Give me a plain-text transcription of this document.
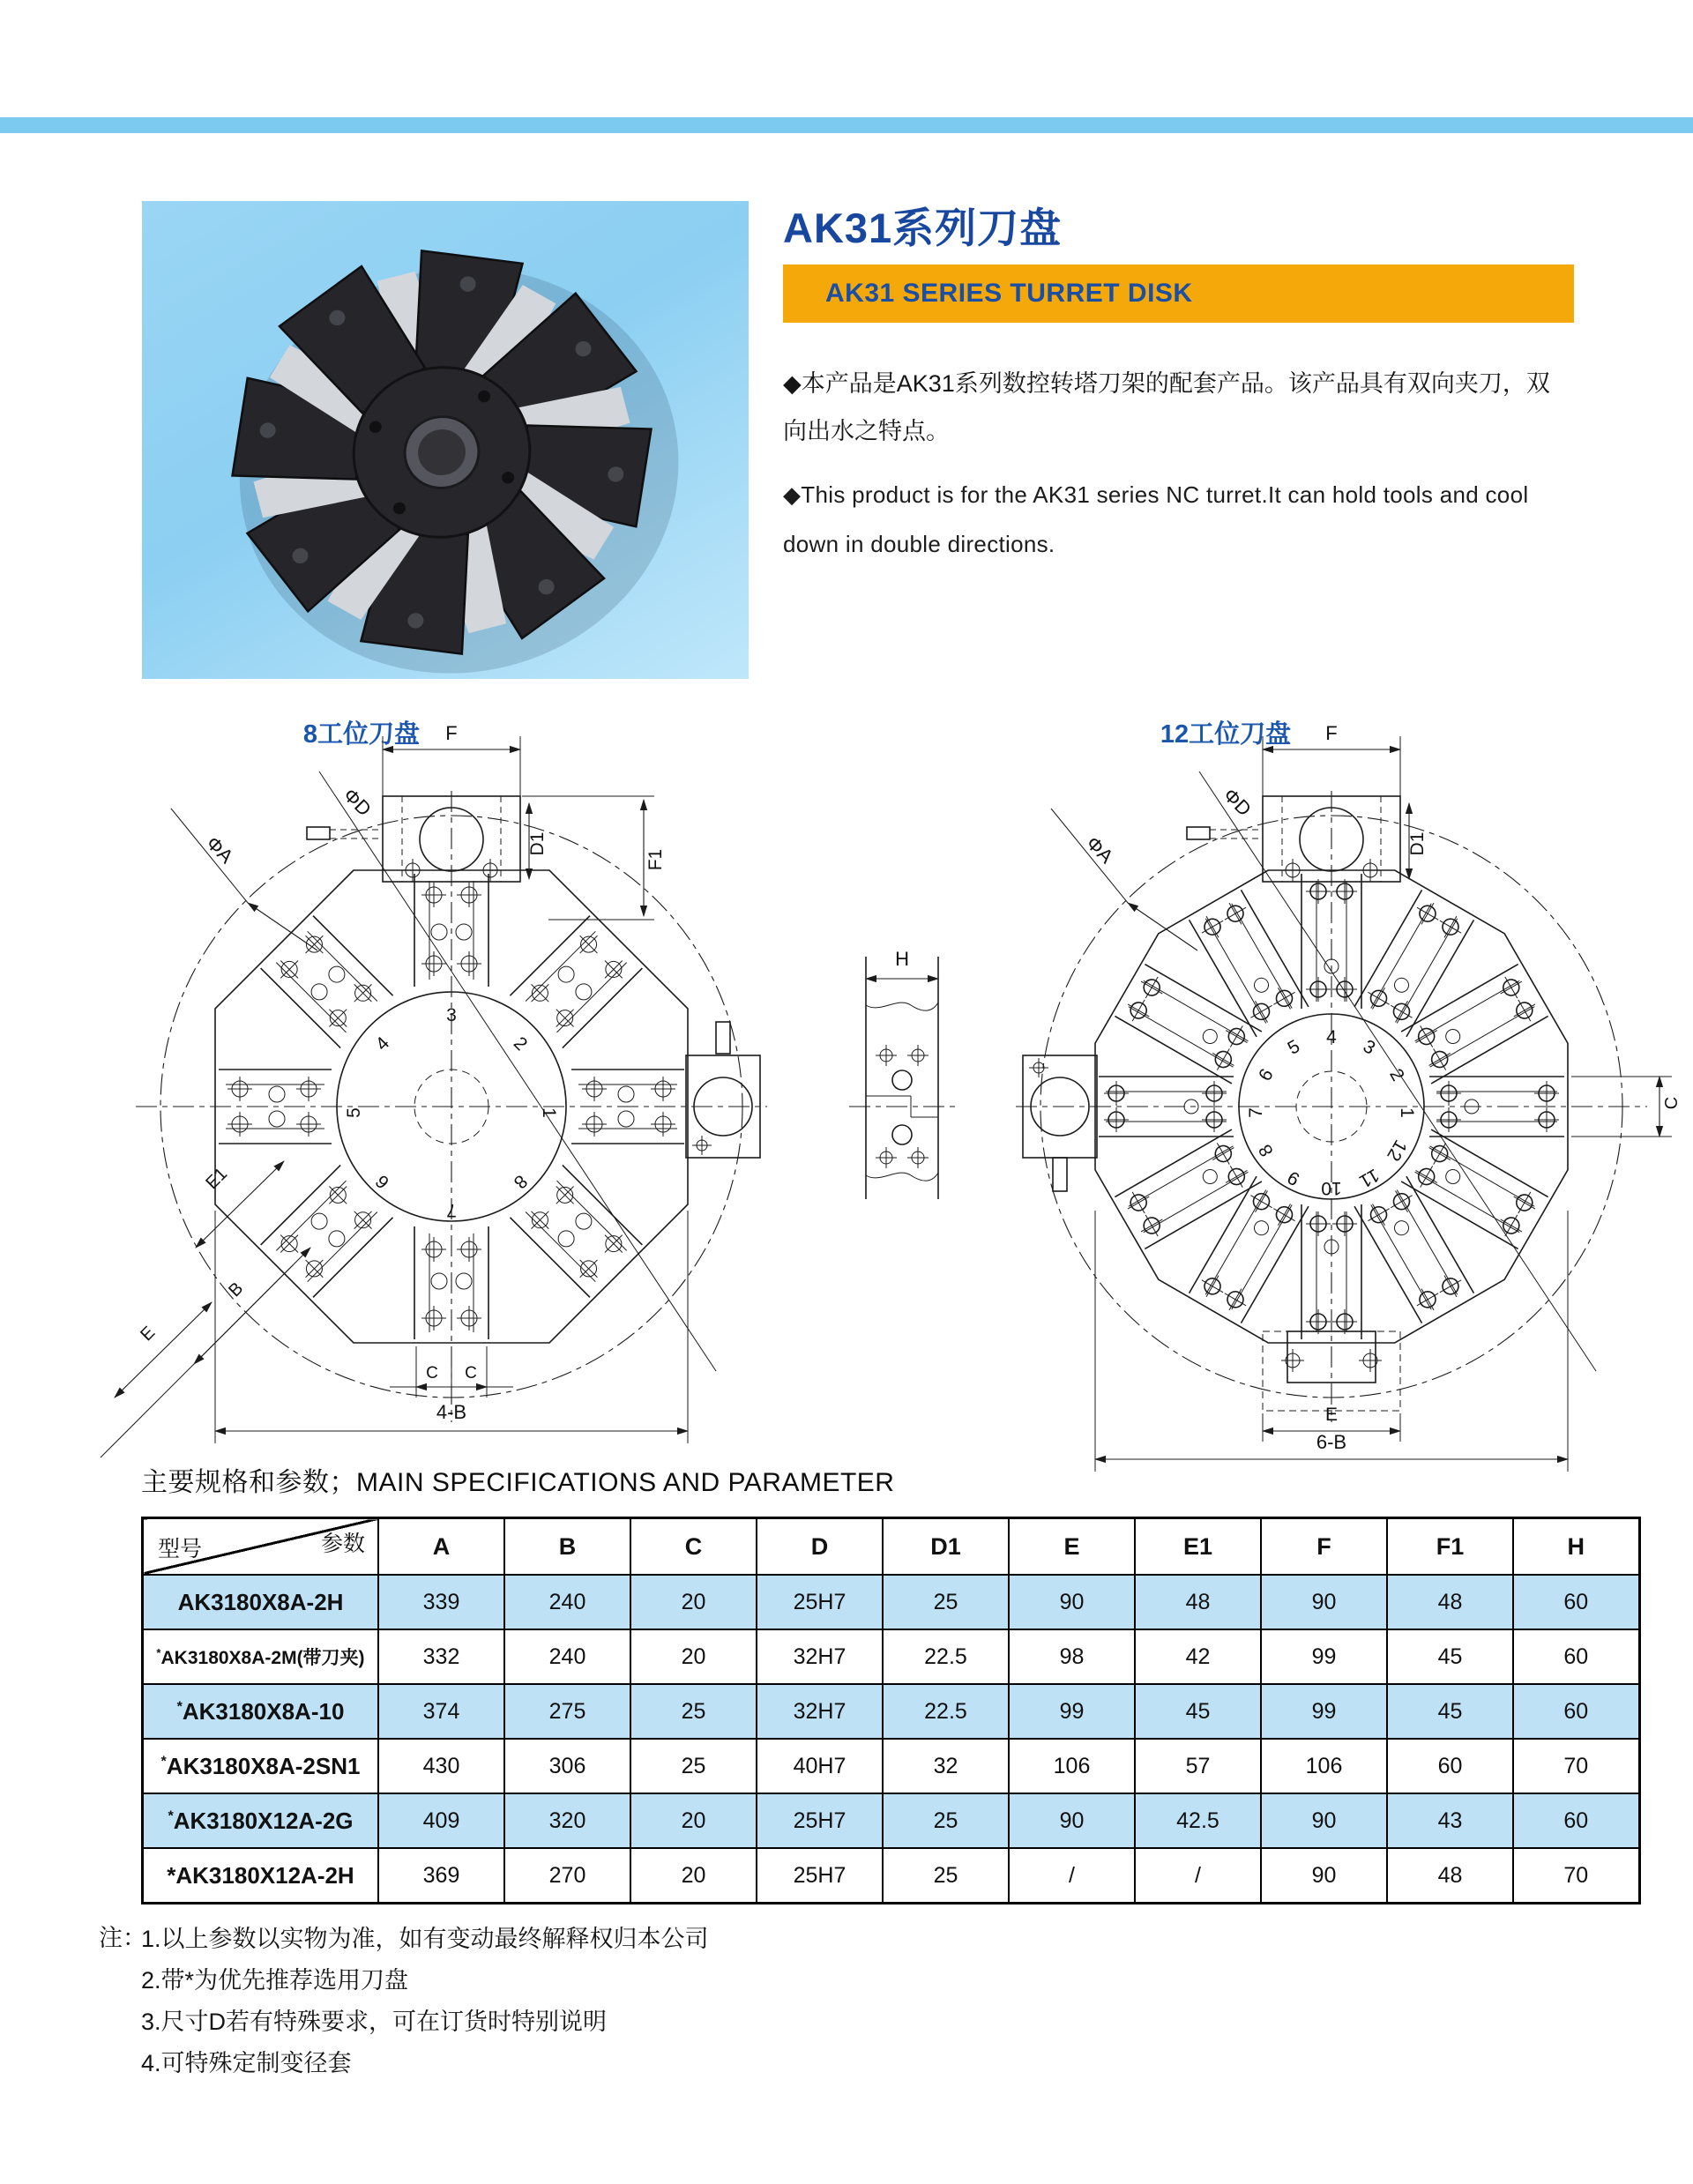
AK31系列刀盘
AK31 SERIES TURRET DISK
◆本产品是AK31系列数控转塔刀架的配套产品。该产品具有双向夹刀，双向出水之特点。
◆This product is for the AK31 series NC turret.It can hold tools and cool down in double directions.
8工位刀盘	12工位刀盘
1
2
3
4
5
6
7
8
F
D1
ΦD
ΦA	F1
C C
4-B
E1
B
E
H
1
2
3
4
5
6
7
8
9 10 11
12
F
D1
ΦD
ΦA
C
E
6-B
主要规格和参数；MAIN SPECIFICATIONS AND PARAMETER
参数
型号	A	B	C	D	D1	E	E1	F	F1	H
AK3180X8A-2H	339	240	20	25H7	25	90	48	90	48	60
*AK3180X8A-2M(带刀夹)	332	240	20	32H7	22.5	98	42	99	45	60
*AK3180X8A-10	374	275	25	32H7	22.5	99	45	99	45	60
*AK3180X8A-2SN1	430	306	25	40H7	32	106	57	106	60	70
*AK3180X12A-2G	409	320	20	25H7	25	90	42.5	90	43	60
*AK3180X12A-2H	369	270	20	25H7	25	/	/	90	48	70
注：
1.以上参数以实物为准，如有变动最终解释权归本公司
2.带*为优先推荐选用刀盘
3.尺寸D若有特殊要求，可在订货时特别说明
4.可特殊定制变径套
